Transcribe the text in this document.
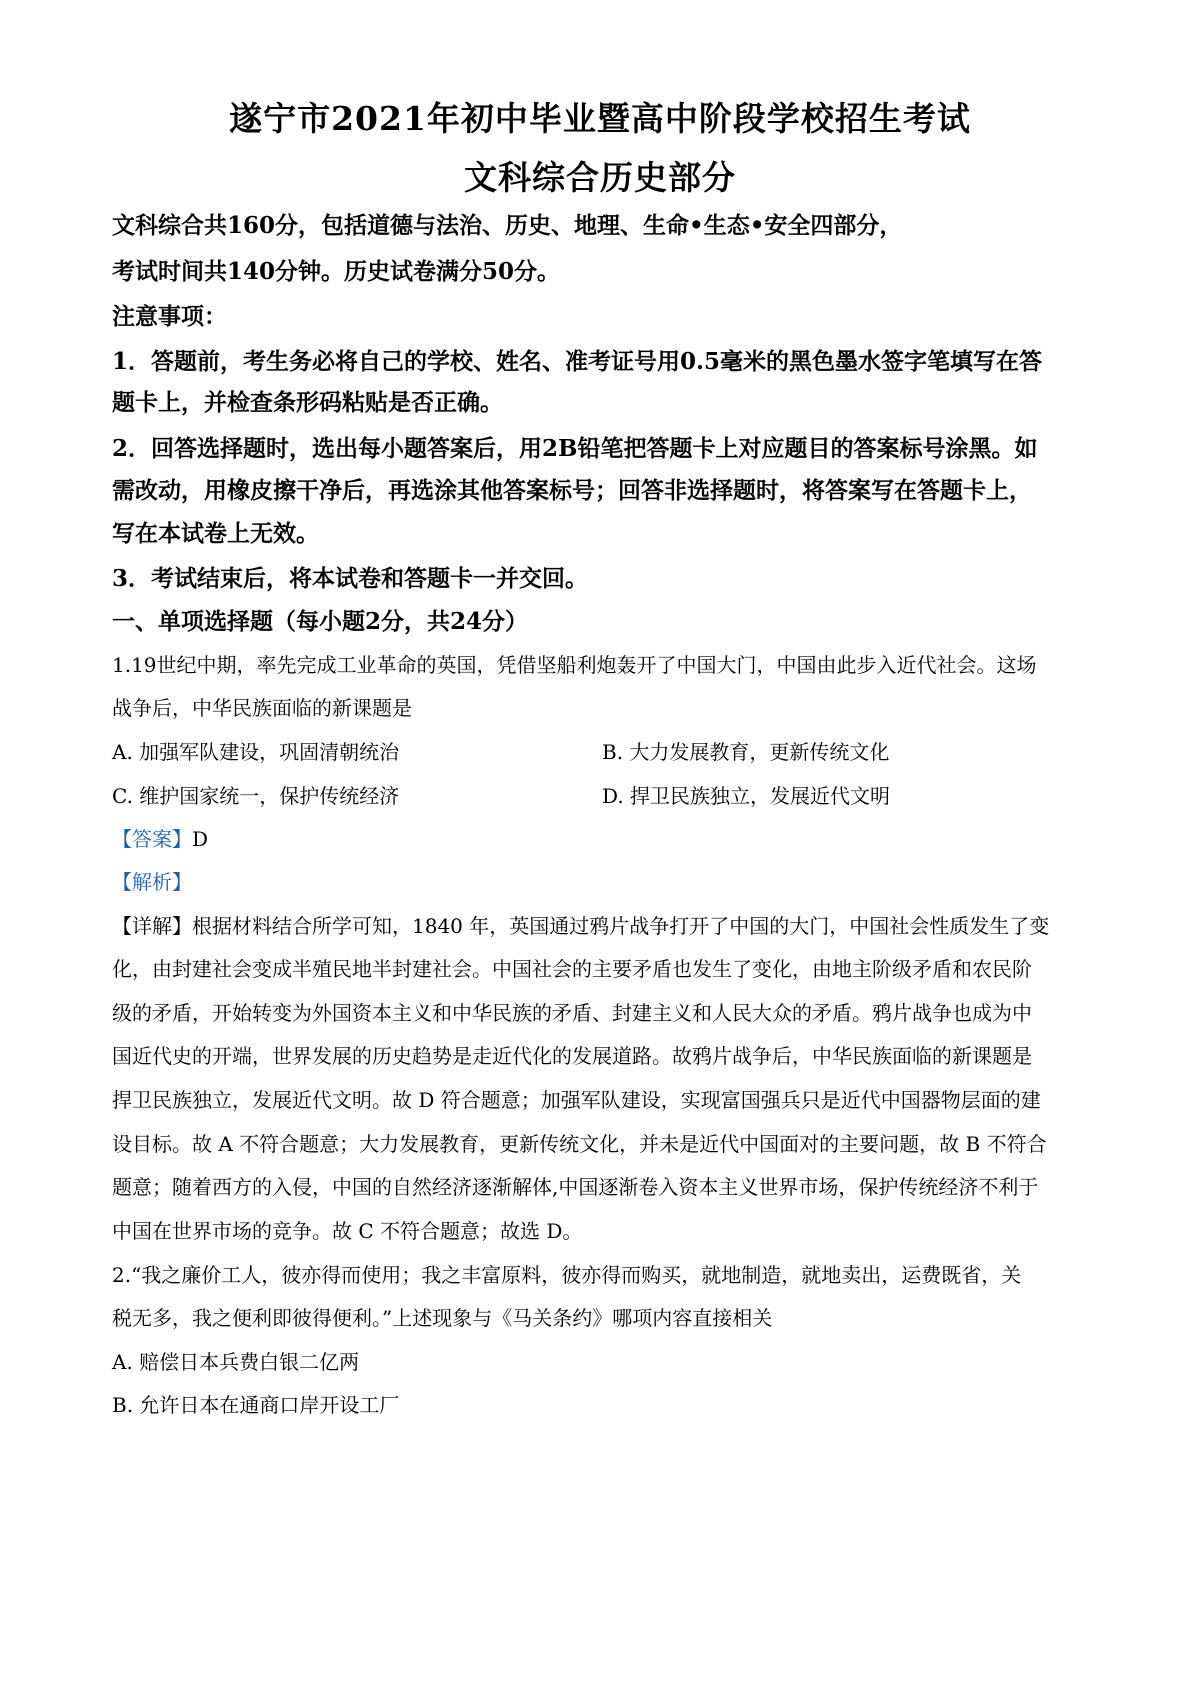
遂宁市2021年初中毕业暨高中阶段学校招生考试
文科综合历史部分
文科综合共160分，包括道德与法治、历史、地理、生命•生态•安全四部分，
考试时间共140分钟。历史试卷满分50分。
注意事项：
1．答题前，考生务必将自己的学校、姓名、准考证号用0.5毫米的黑色墨水签字笔填写在答
题卡上，并检查条形码粘贴是否正确。
2．回答选择题时，选出每小题答案后，用2B铅笔把答题卡上对应题目的答案标号涂黑。如
需改动，用橡皮擦干净后，再选涂其他答案标号；回答非选择题时，将答案写在答题卡上，
写在本试卷上无效。
3．考试结束后，将本试卷和答题卡一并交回。
一、单项选择题（每小题2分，共24分）
1.19世纪中期，率先完成工业革命的英国，凭借坚船利炮轰开了中国大门，中国由此步入近代社会。这场
战争后，中华民族面临的新课题是
A. 加强军队建设，巩固清朝统治	B. 大力发展教育，更新传统文化
C. 维护国家统一，保护传统经济	D. 捍卫民族独立，发展近代文明
【答案】D
【解析】
【详解】根据材料结合所学可知，1840 年，英国通过鸦片战争打开了中国的大门，中国社会性质发生了变
化，由封建社会变成半殖民地半封建社会。中国社会的主要矛盾也发生了变化，由地主阶级矛盾和农民阶
级的矛盾，开始转变为外国资本主义和中华民族的矛盾、封建主义和人民大众的矛盾。鸦片战争也成为中
国近代史的开端，世界发展的历史趋势是走近代化的发展道路。故鸦片战争后，中华民族面临的新课题是
捍卫民族独立，发展近代文明。故 D 符合题意；加强军队建设，实现富国强兵只是近代中国器物层面的建
设目标。故 A 不符合题意；大力发展教育，更新传统文化，并未是近代中国面对的主要问题，故 B 不符合
题意；随着西方的入侵，中国的自然经济逐渐解体,中国逐渐卷入资本主义世界市场，保护传统经济不利于
中国在世界市场的竞争。故 C 不符合题意；故选 D。
2.“我之廉价工人，彼亦得而使用；我之丰富原料，彼亦得而购买，就地制造，就地卖出，运费既省，关
税无多，我之便利即彼得便利。”上述现象与《马关条约》哪项内容直接相关
A. 赔偿日本兵费白银二亿两
B. 允许日本在通商口岸开设工厂
